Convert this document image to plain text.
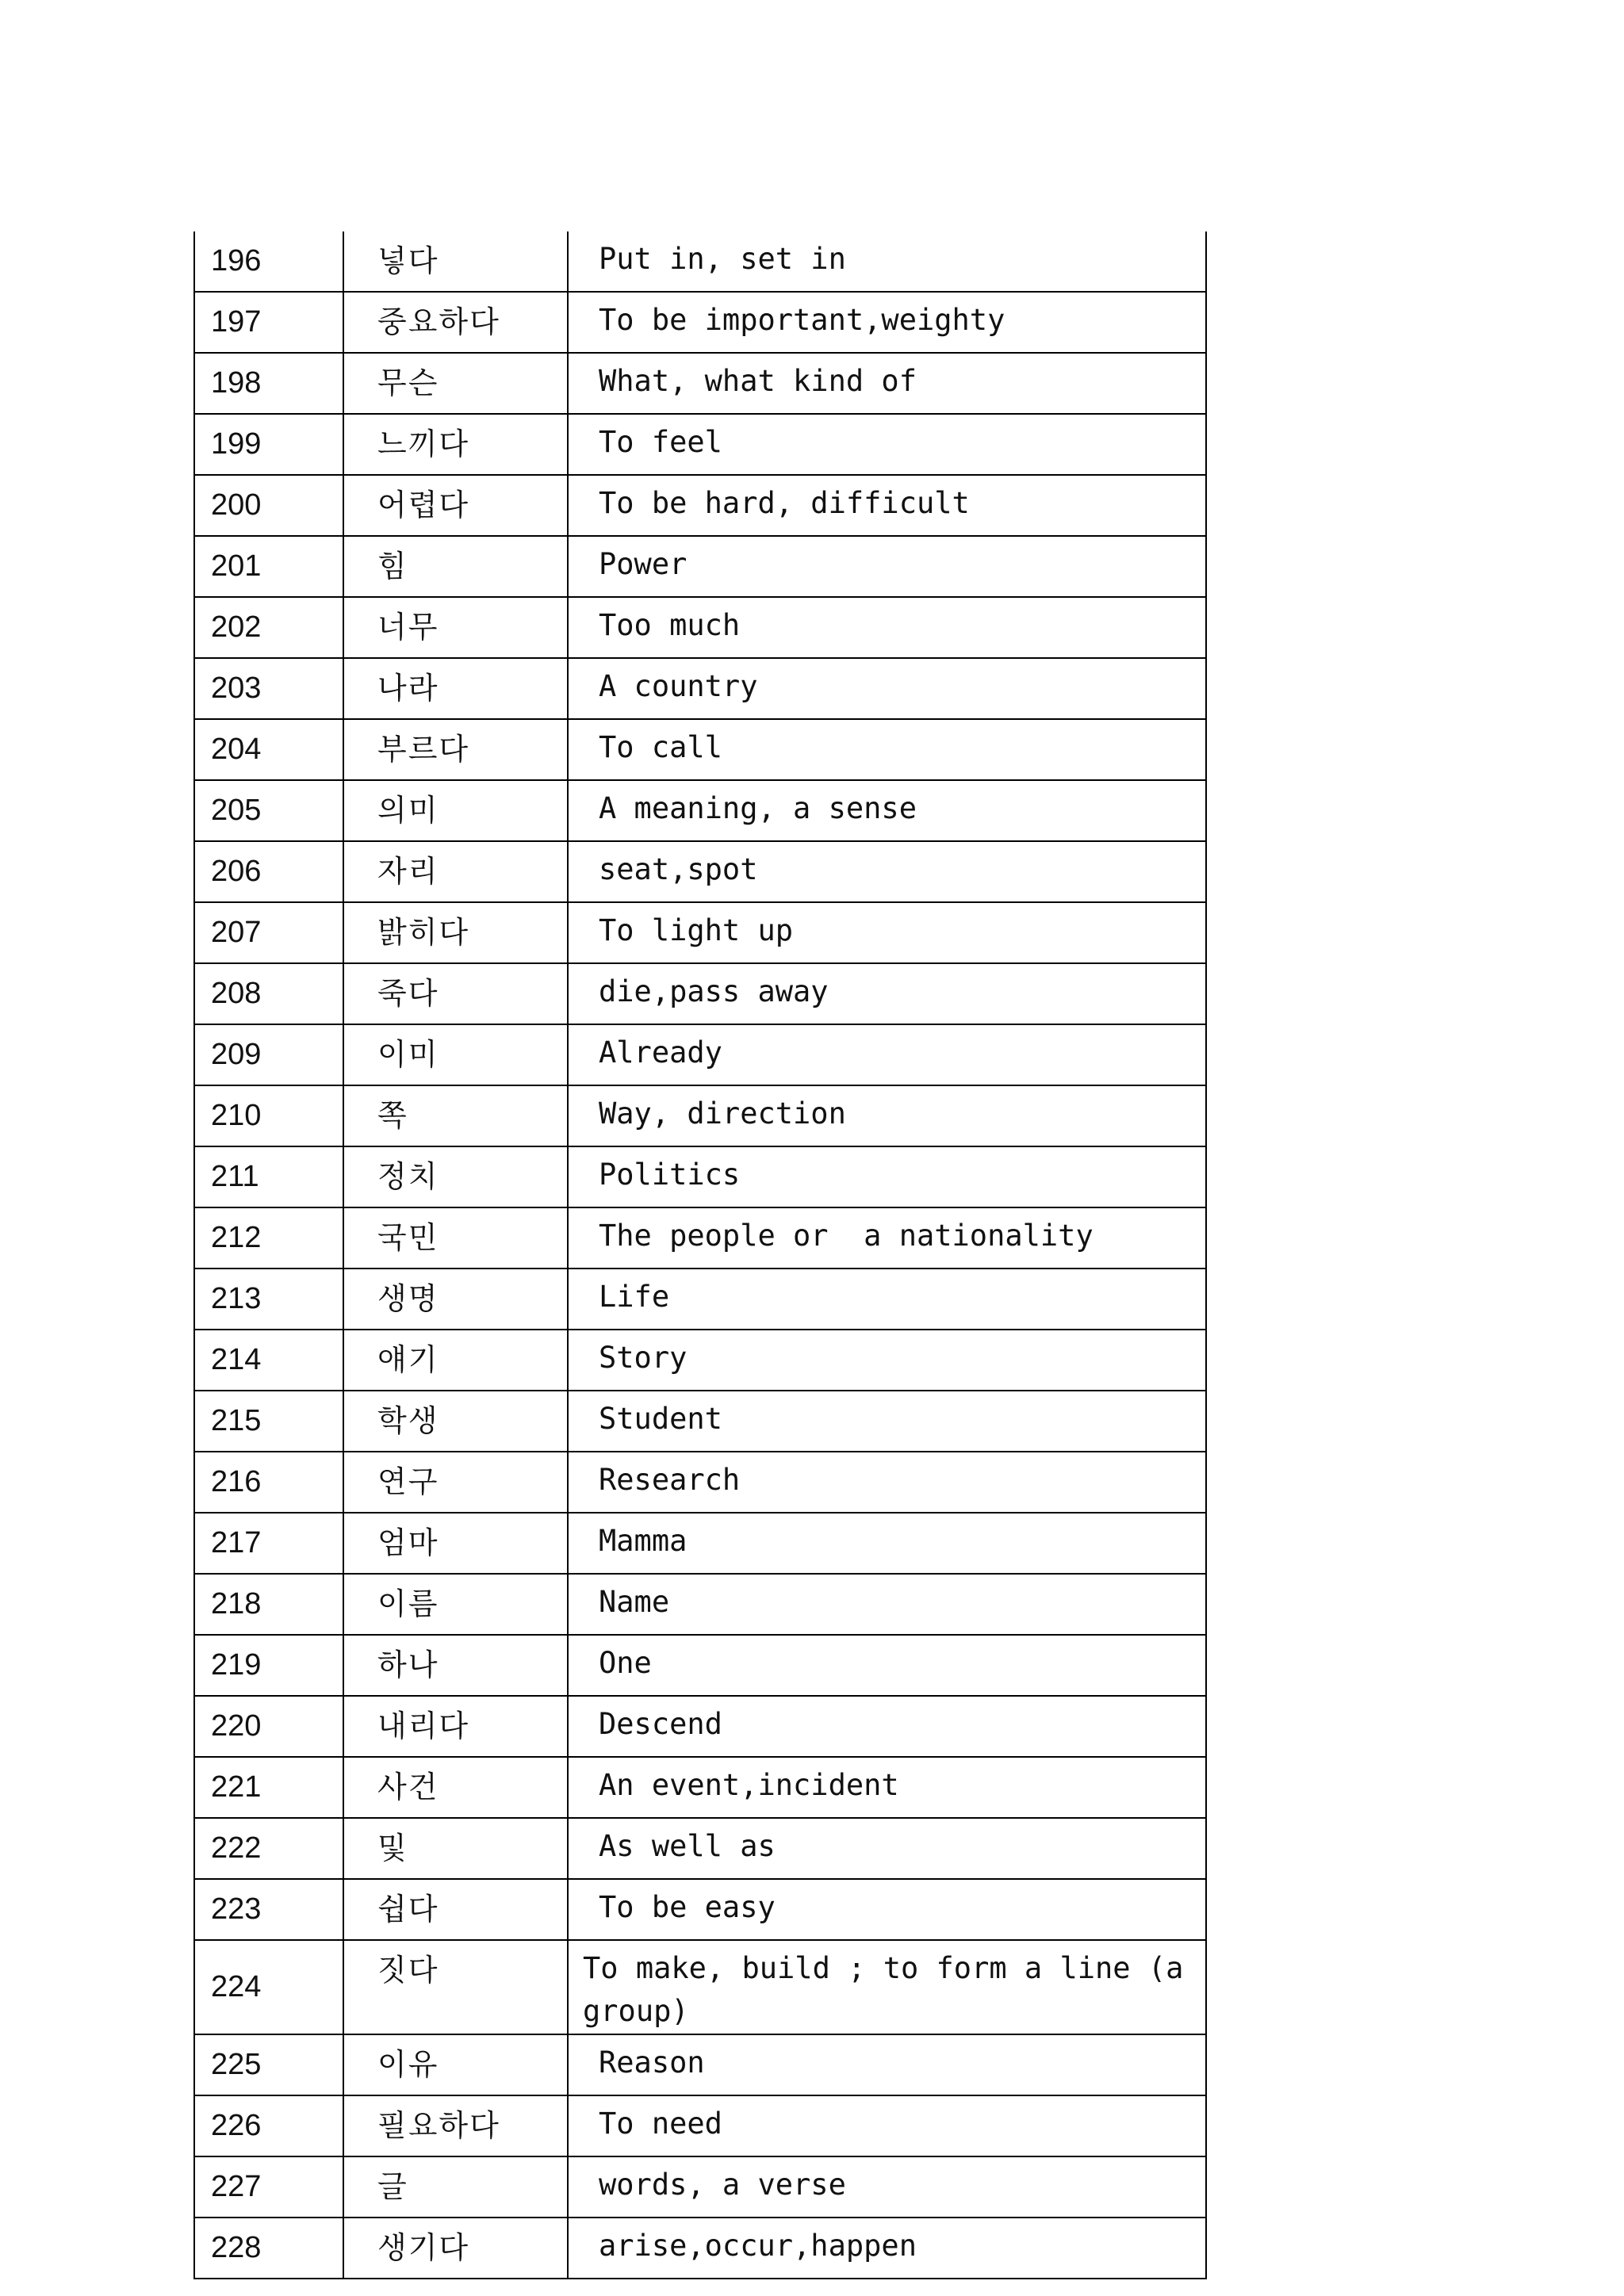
196	넣다	Put in, set in
197	중요하다	To be important,weighty
198	무슨	What, what kind of
199	느끼다	To feel
200	어렵다	To be hard, difficult
201	힘	Power
202	너무	Too much
203	나라	A country
204	부르다	To call
205	의미	A meaning, a sense
206	자리	seat,spot
207	밝히다	To light up
208	죽다	die,pass away
209	이미	Already
210	쪽	Way, direction
211	정치	Politics
212	국민	The people or  a nationality
213	생명	Life
214	얘기	Story
215	학생	Student
216	연구	Research
217	엄마	Mamma
218	이름	Name
219	하나	One
220	내리다	Descend
221	사건	An event,incident
222	및	As well as
223	쉽다	To be easy
224	짓다	To make, build ; to form a line (a group)
225	이유	Reason
226	필요하다	To need
227	글	words, a verse
228	생기다	arise,occur,happen
